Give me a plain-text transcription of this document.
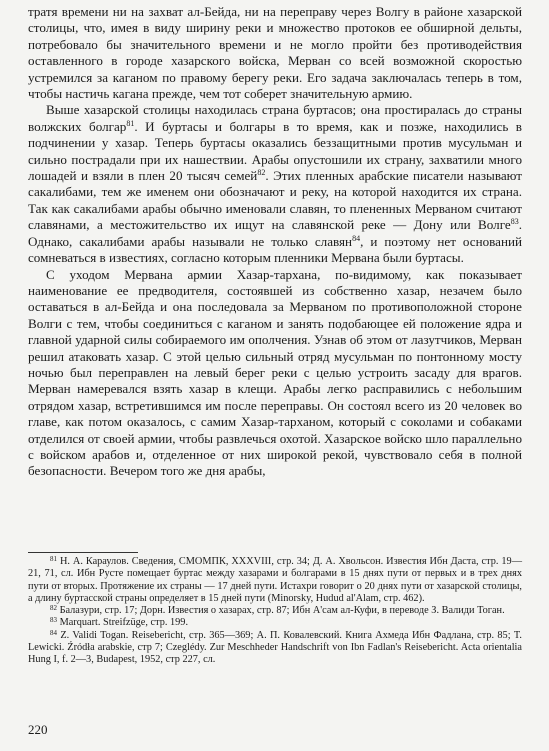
тратя времени ни на захват ал-Бейда, ни на переправу через Волгу в районе хазарской столицы, что, имея в виду ширину реки и множество протоков ее обширной дельты, потребовало бы значительного времени и не могло пройти без противодействия оставленного в городе хазарского войска, Мерван со всей возможной скоростью устремился за каганом по правому берегу реки. Его задача заключалась теперь в том, чтобы настичь кагана прежде, чем тот соберет значительную армию.

Выше хазарской столицы находилась страна буртасов; она простиралась до страны волжских болгар$^{81}$. И буртасы и болгары в то время, как и позже, находились в подчинении у хазар. Теперь буртасы оказались беззащитными против мусульман и сильно пострадали при их нашествии. Арабы опустошили их страну, захватили много лошадей и взяли в плен 20 тысяч семей$^{82}$. Этих пленных арабские писатели называют сакалибами, тем же именем они обозначают и реку, на которой находится их страна. Так как сакалибами арабы обычно именовали славян, то плененных Мерваном считают славянами, а местожительство их ищут на славянской реке — Дону или Волге$^{83}$. Однако, сакалибами арабы называли не только славян$^{84}$, и поэтому нет оснований сомневаться в известиях, согласно которым пленники Мервана были буртасы.

С уходом Мервана армии Хазар-тархана, по-видимому, как показывает наименование ее предводителя, состоявшей из собственно хазар, незачем было оставаться в ал-Бейда и она последовала за Мерваном по противоположной стороне Волги с тем, чтобы соединиться с каганом и занять подобающее ей положение ядра и главной ударной силы собираемого им ополчения. Узнав об этом от лазутчиков, Мерван решил атаковать хазар. С этой целью сильный отряд мусульман по понтонному мосту ночью был переправлен на левый берег реки с целью устроить засаду для врагов. Мерван намеревался взять хазар в клещи. Арабы легко расправились с небольшим отрядом хазар, встретившимся им после переправы. Он состоял всего из 20 человек во главе, как потом оказалось, с самим Хазар-тарханом, который с соколами и собаками отделился от своей армии, чтобы развлечься охотой. Хазарское войско шло параллельно с войском арабов и, отделенное от них широкой рекой, чувствовало себя в полной безопасности. Вечером того же дня арабы,

$^{81}$ Н. А. Караулов. Сведения, СМОМПК, XXXVIII, стр. 34; Д. А. Хвольсон. Известия Ибн Даста, стр. 19—21, 71, сл. Ибн Русте помещает буртас между хазарами и болгарами в 15 днях пути от первых и в трех днях пути от вторых. Протяжение их страны — 17 дней пути. Истахри говорит о 20 днях пути от хазарской столицы, а длину буртасской страны определяет в 15 дней пути (Minorsky, Hudud al'Alam, стр. 462).

$^{82}$ Балазури, стр. 17; Дорн. Известия о хазарах, стр. 87; Ибн А'сам ал-Куфи, в переводе З. Валиди Тоган.

$^{83}$ Marquart. Streifzüge, стр. 199.

$^{84}$ Z. Validi Togan. Reisebericht, стр. 365—369; А. П. Ковалевский. Книга Ахмеда Ибн Фадлана, стр. 85; T. Lewicki. Źródła arabskie, стр 7; Czeglédy. Zur Meschheder Handschrift von Ibn Fadlan's Reisebericht. Acta orientalia Hung I, f. 2—3, Budapest, 1952, стр 227, сл.

220
